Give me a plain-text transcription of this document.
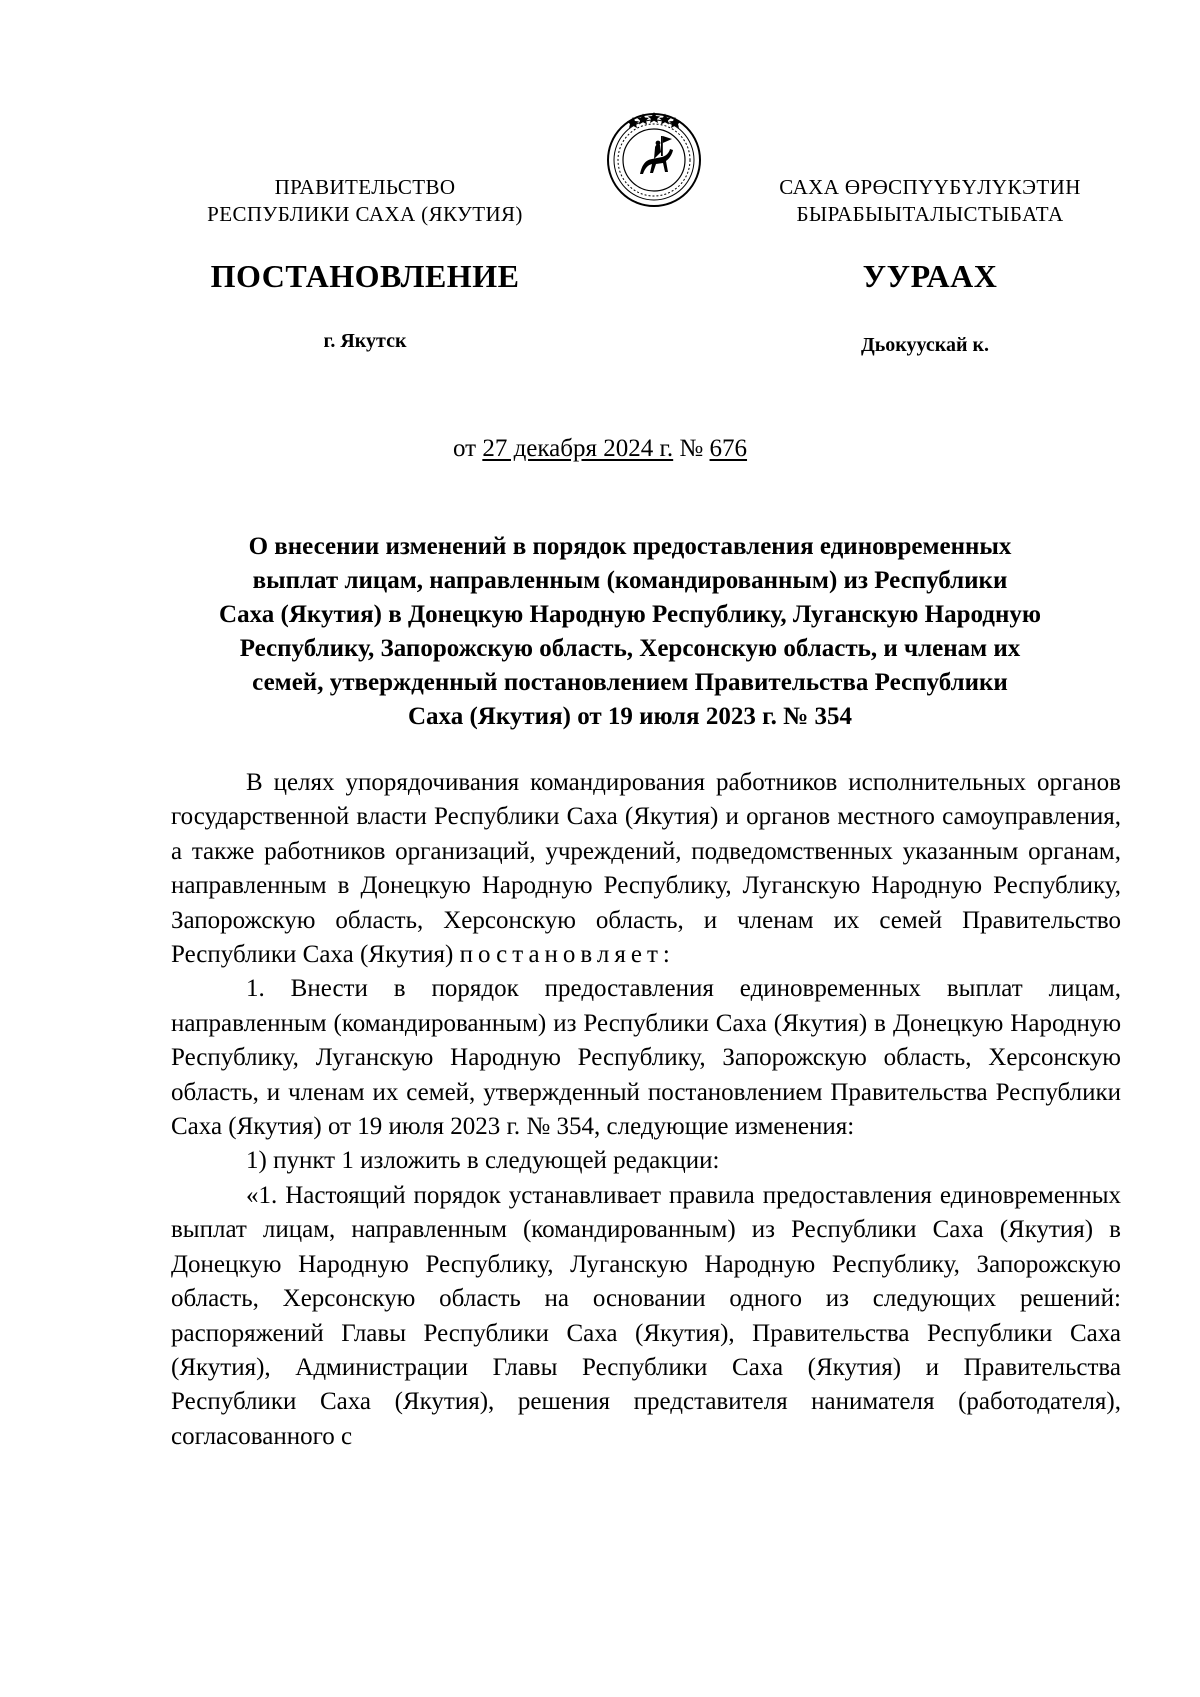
ПРАВИТЕЛЬСТВО
РЕСПУБЛИКИ САХА (ЯКУТИЯ)
САХА ӨРӨСПҮҮБҮЛҮКЭТИН
БЫРАБЫЫТАЛЫСТЫБАТА
ПОСТАНОВЛЕНИЕ	УУРААХ
г. Якутск	Дьокуускай к.
от 27 декабря 2024 г. № 676
О внесении изменений в порядок предоставления единовременных
выплат лицам, направленным (командированным) из Республики
Саха (Якутия) в Донецкую Народную Республику, Луганскую Народную
Республику, Запорожскую область, Херсонскую область, и членам их
семей, утвержденный постановлением Правительства Республики
Саха (Якутия) от 19 июля 2023 г. № 354

В целях упорядочивания командирования работников исполнительных органов государственной власти Республики Саха (Якутия) и органов местного самоуправления, а также работников организаций, учреждений, подведомственных указанным органам, направленным в Донецкую Народную Республику, Луганскую Народную Республику, Запорожскую область, Херсонскую область, и членам их семей Правительство Республики Саха (Якутия) постановляет:

1. Внести в порядок предоставления единовременных выплат лицам, направленным (командированным) из Республики Саха (Якутия) в Донецкую Народную Республику, Луганскую Народную Республику, Запорожскую область, Херсонскую область, и членам их семей, утвержденный постановлением Правительства Республики Саха (Якутия) от 19 июля 2023 г. № 354, следующие изменения:

1) пункт 1 изложить в следующей редакции:

«1. Настоящий порядок устанавливает правила предоставления единовременных выплат лицам, направленным (командированным) из Республики Саха (Якутия) в Донецкую Народную Республику, Луганскую Народную Республику, Запорожскую область, Херсонскую область на основании одного из следующих решений: распоряжений Главы Республики Саха (Якутия), Правительства Республики Саха (Якутия), Администрации Главы Республики Саха (Якутия) и Правительства Республики Саха (Якутия), решения представителя нанимателя (работодателя), согласованного с
